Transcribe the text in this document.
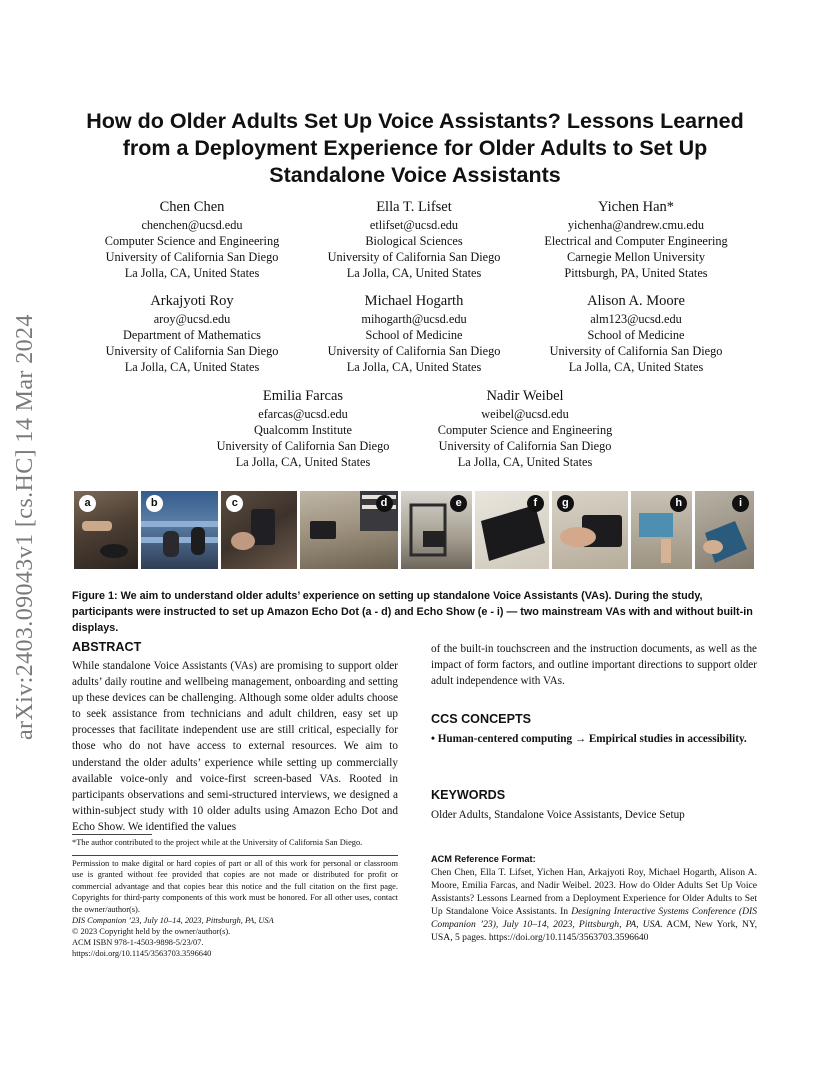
arXiv:2403.09043v1 [cs.HC] 14 Mar 2024
How do Older Adults Set Up Voice Assistants? Lessons Learned from a Deployment Experience for Older Adults to Set Up Standalone Voice Assistants
Chen Chen
chenchen@ucsd.edu
Computer Science and Engineering
University of California San Diego
La Jolla, CA, United States
Ella T. Lifset
etlifset@ucsd.edu
Biological Sciences
University of California San Diego
La Jolla, CA, United States
Yichen Han*
yichenha@andrew.cmu.edu
Electrical and Computer Engineering
Carnegie Mellon University
Pittsburgh, PA, United States
Arkajyoti Roy
aroy@ucsd.edu
Department of Mathematics
University of California San Diego
La Jolla, CA, United States
Michael Hogarth
mihogarth@ucsd.edu
School of Medicine
University of California San Diego
La Jolla, CA, United States
Alison A. Moore
alm123@ucsd.edu
School of Medicine
University of California San Diego
La Jolla, CA, United States
Emilia Farcas
efarcas@ucsd.edu
Qualcomm Institute
University of California San Diego
La Jolla, CA, United States
Nadir Weibel
weibel@ucsd.edu
Computer Science and Engineering
University of California San Diego
La Jolla, CA, United States
a	b	c	d	e	f	g	h	i
Figure 1: We aim to understand older adults’ experience on setting up standalone Voice Assistants (VAs). During the study, participants were instructed to set up Amazon Echo Dot (a - d) and Echo Show (e - i) — two mainstream VAs with and without built-in displays.
ABSTRACT
While standalone Voice Assistants (VAs) are promising to support older adults’ daily routine and wellbeing management, onboarding and setting up these devices can be challenging. Although some older adults choose to seek assistance from technicians and adult children, easy set up processes that facilitate independent use are still critical, especially for those who do not have access to external resources. We aim to understand the older adults’ experience while setting up commercially available voice-only and voice-first screen-based VAs. Rooted in participants observations and semi-structured interviews, we designed a within-subject study with 10 older adults using Amazon Echo Dot and Echo Show. We identified the values
*The author contributed to the project while at the University of California San Diego.
Permission to make digital or hard copies of part or all of this work for personal or classroom use is granted without fee provided that copies are not made or distributed for profit or commercial advantage and that copies bear this notice and the full citation on the first page. Copyrights for third-party components of this work must be honored. For all other uses, contact the owner/author(s).
DIS Companion ’23, July 10–14, 2023, Pittsburgh, PA, USA
© 2023 Copyright held by the owner/author(s).
ACM ISBN 978-1-4503-9898-5/23/07.
https://doi.org/10.1145/3563703.3596640
of the built-in touchscreen and the instruction documents, as well as the impact of form factors, and outline important directions to support older adult independence with VAs.
CCS CONCEPTS
• Human-centered computing → Empirical studies in accessibility.
KEYWORDS
Older Adults, Standalone Voice Assistants, Device Setup
ACM Reference Format:
Chen Chen, Ella T. Lifset, Yichen Han, Arkajyoti Roy, Michael Hogarth, Alison A. Moore, Emilia Farcas, and Nadir Weibel. 2023. How do Older Adults Set Up Voice Assistants? Lessons Learned from a Deployment Experience for Older Adults to Set Up Standalone Voice Assistants. In Designing Interactive Systems Conference (DIS Companion ’23), July 10–14, 2023, Pittsburgh, PA, USA. ACM, New York, NY, USA, 5 pages. https://doi.org/10.1145/3563703.3596640
